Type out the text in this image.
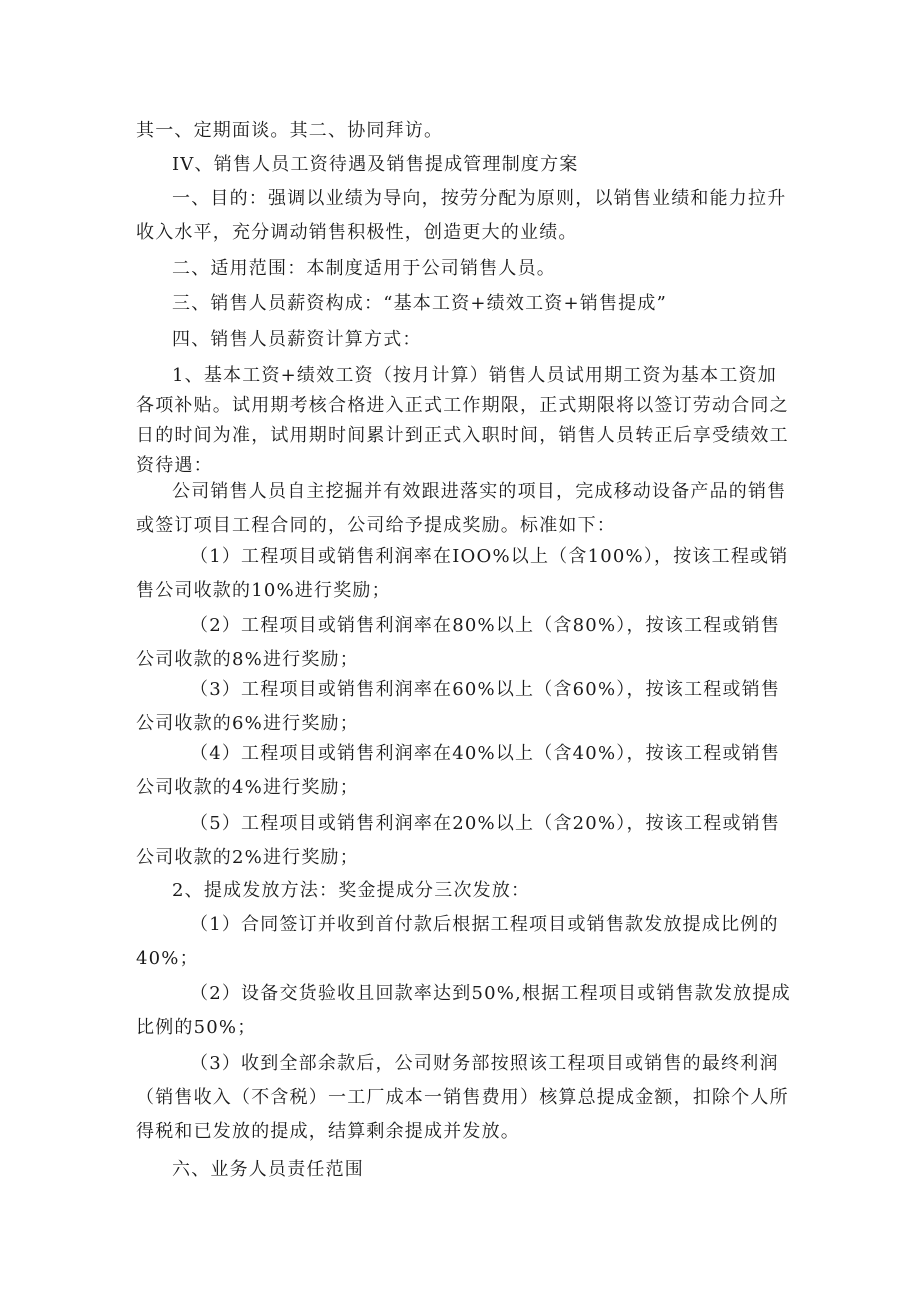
其一、定期面谈。其二、协同拜访。

IV、销售人员工资待遇及销售提成管理制度方案

一、目的：强调以业绩为导向，按劳分配为原则，以销售业绩和能力拉升收入水平，充分调动销售积极性，创造更大的业绩。

二、适用范围：本制度适用于公司销售人员。

三、销售人员薪资构成：“基本工资+绩效工资+销售提成”

四、销售人员薪资计算方式：

1、基本工资+绩效工资（按月计算）销售人员试用期工资为基本工资加各项补贴。试用期考核合格进入正式工作期限，正式期限将以签订劳动合同之日的时间为准，试用期时间累计到正式入职时间，销售人员转正后享受绩效工资待遇：

公司销售人员自主挖掘并有效跟进落实的项目，完成移动设备产品的销售或签订项目工程合同的，公司给予提成奖励。标准如下：

（1）工程项目或销售利润率在IOO%以上（含100%），按该工程或销售公司收款的10%进行奖励；

（2）工程项目或销售利润率在80%以上（含80%），按该工程或销售公司收款的8%进行奖励；

（3）工程项目或销售利润率在60%以上（含60%），按该工程或销售公司收款的6%进行奖励；

（4）工程项目或销售利润率在40%以上（含40%），按该工程或销售公司收款的4%进行奖励；

（5）工程项目或销售利润率在20%以上（含20%），按该工程或销售公司收款的2%进行奖励；

2、提成发放方法：奖金提成分三次发放：

（1）合同签订并收到首付款后根据工程项目或销售款发放提成比例的40%；

（2）设备交货验收且回款率达到50%,根据工程项目或销售款发放提成比例的50%；

（3）收到全部余款后，公司财务部按照该工程项目或销售的最终利润（销售收入（不含税）一工厂成本一销售费用）核算总提成金额，扣除个人所得税和已发放的提成，结算剩余提成并发放。

六、业务人员责任范围
